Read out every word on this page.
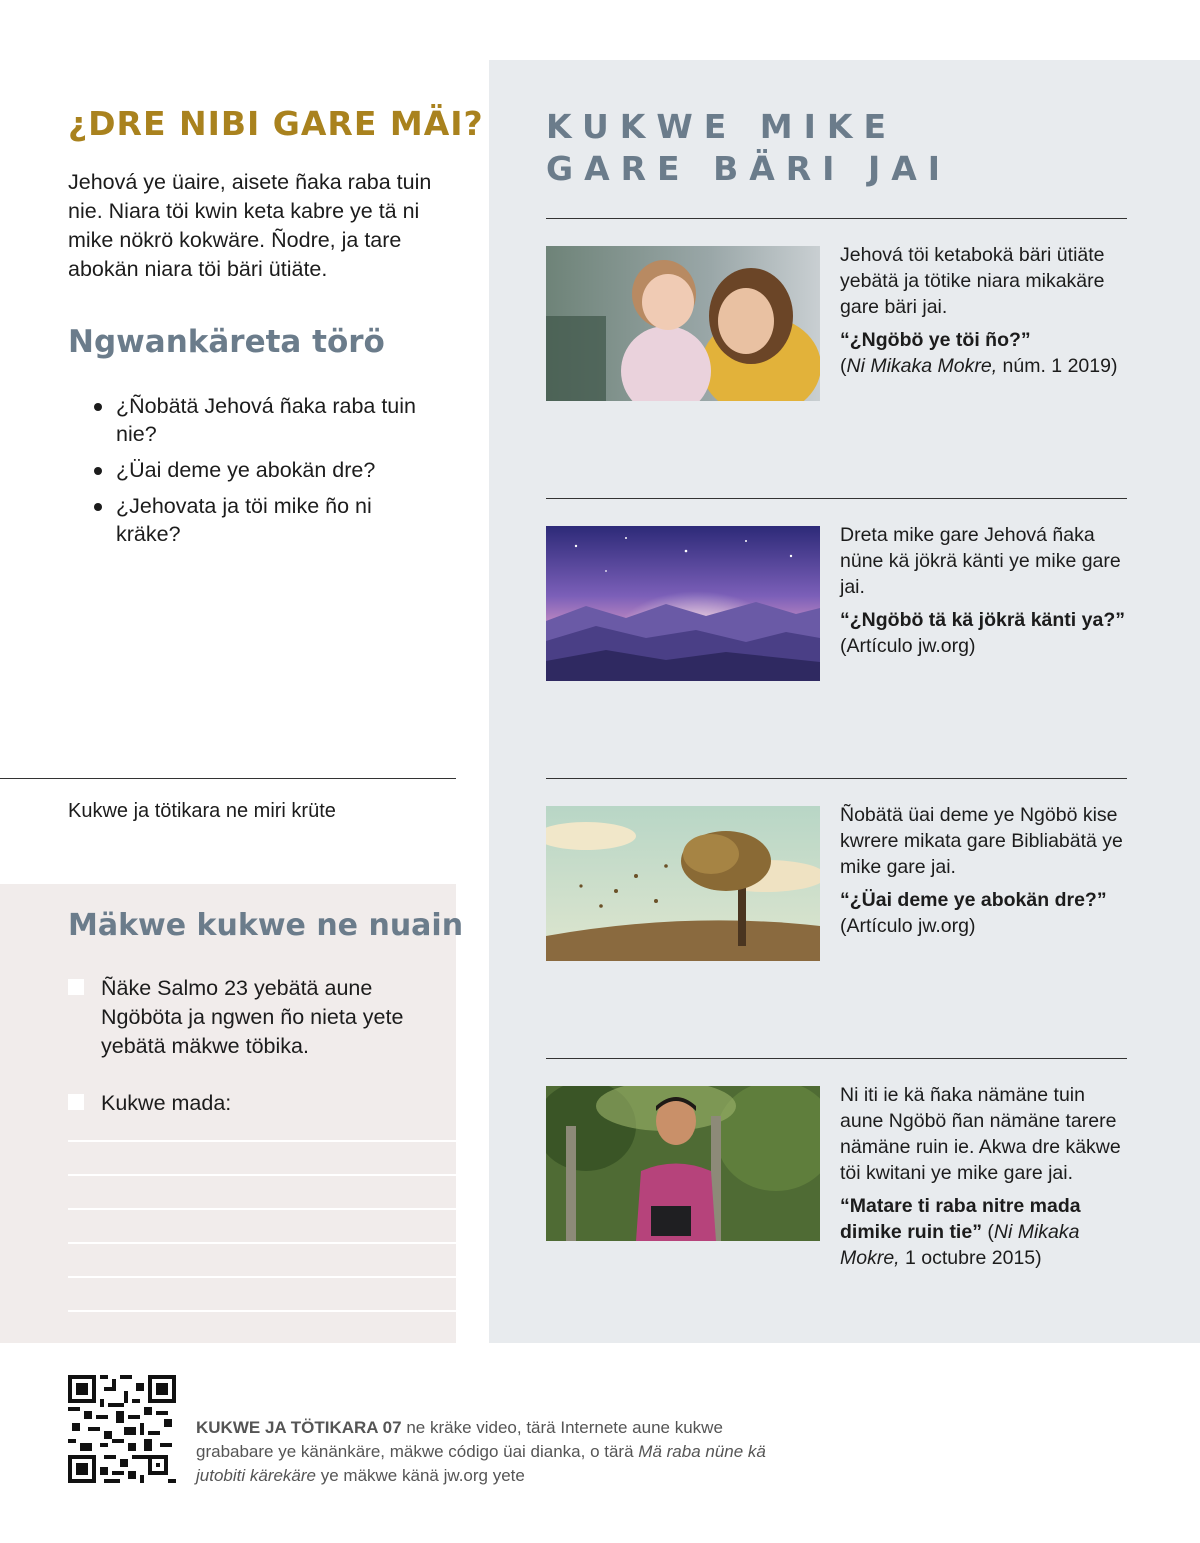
¿DRE NIBI GARE MÄI?

Jehová ye üaire, aisete ñaka raba tuin nie. Niara töi kwin keta kabre ye tä ni mike nökrö kokwäre. Ñodre, ja tare abokän niara töi bäri ütiäte.

Ngwankäreta törö
¿Ñobätä Jehová ñaka raba tuin nie?
¿Üai deme ye abokän dre?
¿Jehovata ja töi mike ño ni kräke?
Kukwe ja tötikara ne miri krüte
Mäkwe kukwe ne nuain
Ñäke Salmo 23 yebätä aune Ngöböta ja ngwen ño nieta yete yebätä mäkwe töbika.
Kukwe mada:
KUKWE MIKE
GARE BÄRI JAI

Jehová töi ketabokä bäri ütiäte yebätä ja tötike niara mikakäre gare bäri jai.

“¿Ngöbö ye töi ño?”
(Ni Mikaka Mokre, núm. 1 2019)

Dreta mike gare Jehová ñaka nüne kä jökrä känti ye mike gare jai.

“¿Ngöbö tä kä jökrä känti ya?” (Artículo jw.org)

Ñobätä üai deme ye Ngöbö kise kwrere mikata gare Bibliabätä ye mike gare jai.

“¿Üai deme ye abokän dre?”
(Artículo jw.org)

Ni iti ie kä ñaka nämäne tuin aune Ngöbö ñan nämäne tarere nämäne ruin ie. Akwa dre käkwe töi kwitani ye mike gare jai.

“Matare ti raba nitre mada dimike ruin tie” (Ni Mikaka Mokre, 1 octubre 2015)

KUKWE JA TÖTIKARA 07 ne kräke video, tärä Internete aune kukwe grababare ye känänkäre, mäkwe código üai dianka, o tärä Mä raba nüne kä jutobiti kärekäre ye mäkwe känä jw.org yete
